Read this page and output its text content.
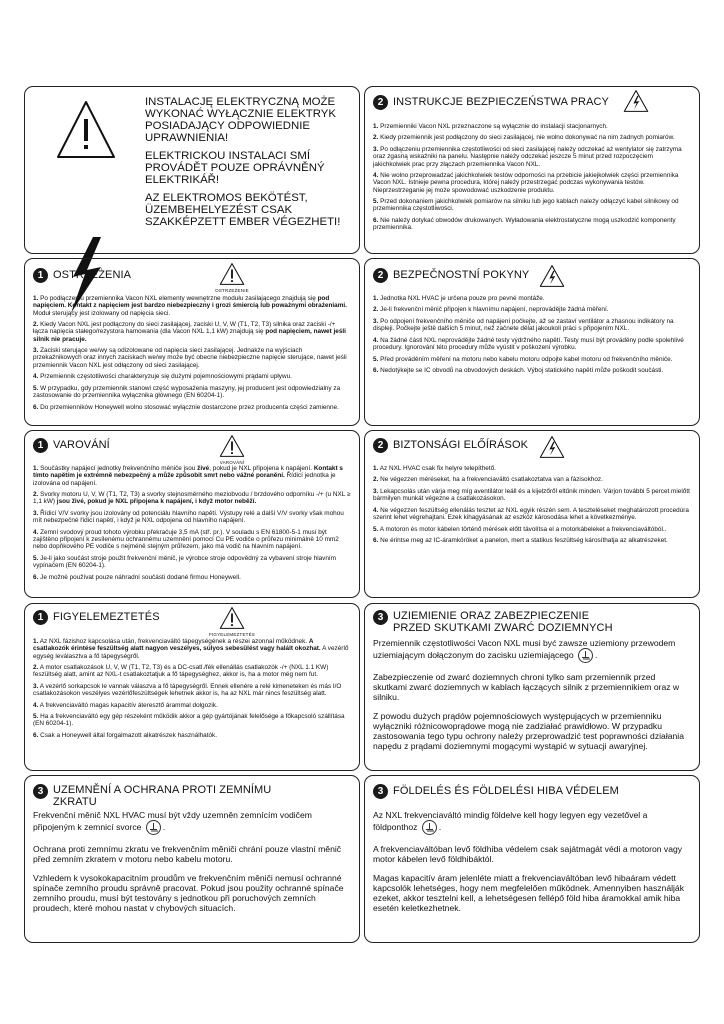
INSTALACJĘ ELEKTRYCZNĄ MOŻE WYKONAĆ WYŁĄCZNIE ELEKTRYK POSIADAJĄCY ODPOWIEDNIE UPRAWNIENIA!

ELEKTRICKOU INSTALACI SMÍ PROVÁDĚT POUZE OPRÁVNĚNÝ ELEKTRIKÁŘ!

AZ ELEKTROMOS BEKÖTÉST, ÜZEMBEHELYEZÉST CSAK SZAKKÉPZETT EMBER VÉGEZHETI!

2 INSTRUKCJE BEZPIECZEŃSTWA PRACY

1. Przemienniki Vacon NXL przeznaczone są wyłącznie do instalacji stacjonarnych.

2. Kiedy przemiennik jest podłączony do sieci zasilającej, nie wolno dokonywać na nim żadnych pomiarów.

3. Po odłączeniu przemiennika częstotliwości od sieci zasilającej należy odczekać aż wentylator się zatrzyma oraz zgasną wskaźniki na panelu. Następnie należy odczekać jeszcze 5 minut przed rozpoczęciem jakichkolwiek prac przy złączach przemiennika Vacon NXL.

4. Nie wolno przeprowadzać jakichkolwiek testów odporności na przebicie jakiejkolwiek części przemiennika Vacon NXL. Istnieje pewna procedura, której należy przestrzegać podczas wykonywania testów. Nieprzestrzeganie jej może spowodować uszkodzenie produktu.

5. Przed dokonaniem jakichkolwiek pomiarów na silniku lub jego kablach należy odłączyć kabel silnikowy od przemiennika częstotliwości.

6. Nie należy dotykać obwodów drukowanych. Wyładowania elektrostatyczne mogą uszkodzić komponenty przemiennika.

1 OSTRZEŻENIA
OSTRZEŻENIE

1. Po podłączeniu przemiennika Vacon NXL elementy wewnętrzne modułu zasilającego znajdują się pod napięciem. Kontakt z napięciem jest bardzo niebezpieczny i grozi śmiercią lub poważnymi obrażeniami. Moduł sterujący jest izolowany od napięcia sieci.

2. Kiedy Vacon NXL jest podłączony do sieci zasilającej, zaciski U, V, W (T1, T2, T3) silnika oraz zaciski -/+ łącza napięcia stałego/rezystora hamowania (dla Vacon NXL 1,1 kW) znajdują się pod napięciem, nawet jeśli silnik nie pracuje.

3. Zaciski sterujące we/wy są odizolowane od napięcia sieci zasilającej. Jednakże na wyjściach przekaźnikowych oraz innych zaciskach we/wy może być obecne niebezpieczne napięcie sterujące, nawet jeśli przemiennik Vacon NXL jest odłączony od sieci zasilającej.

4. Przemiennik częstotliwości charakteryzuje się dużymi pojemnościowymi prądami upływu.

5. W przypadku, gdy przemiennik stanowi część wyposażenia maszyny, jej producent jest odpowiedzialny za zastosowanie do przemiennika wyłącznika głównego (EN 60204-1).

6. Do przemienników Honeywell wolno stosować wyłącznie dostarczone przez producenta części zamienne.

2 BEZPEČNOSTNÍ POKYNY

1. Jednotka NXL HVAC je určena pouze pro pevné montáže.

2. Je-li frekvenční měnič připojen k hlavnímu napájení, neprovádějte žádná měření.

3. Po odpojení frekvenčního měniče od napájení počkejte, až se zastaví ventilátor a zhasnou indikátory na displeji. Počkejte ještě dalších 5 minut, než začnete dělat jakoukoli práci s připojením NXL.

4. Na žádné části NXL neprovádějte žádné testy výdržného napětí. Testy musí být prováděny podle spolehlivé procedury. Ignorování této procedury může vyústit v poškození výrobku.

5. Před prováděním měření na motoru nebo kabelu motoru odpojte kabel motoru od frekvenčního měniče.

6. Nedotýkejte se IC obvodů na obvodových deskách. Výboj statického napětí může poškodit součásti.

1 VAROVÁNÍ
VAROVÁNÍ

1. Součástky napájecí jednotky frekvenčního měniče jsou živé, pokud je NXL připojena k napájení. Kontakt s tímto napětím je extrémně nebezpečný a může způsobit smrt nebo vážné poranění. Řídicí jednotka je izolována od napájení.

2. Svorky motoru U, V, W (T1, T2, T3) a svorky stejnosměrného meziobvodu / brzdového odporníku -/+ (u NXL ≥ 1,1 kW) jsou živé, pokud je NXL připojena k napájení, i když motor neběží.

3. Řídicí V/V svorky jsou izolovány od potenciálu hlavního napětí. Výstupy relé a další V/V svorky však mohou mít nebezpečné řídicí napětí, i když je NXL odpojena od hlavního napájení.

4. Zemní svodový proud tohoto výrobku překračuje 3,5 mA (stř. pr.). V souladu s EN 61800-5-1 musí být zajištěno připojení k zesílenému ochrannému uzemnění pomocí Cu PE vodiče o průřezu minimálně 10 mm2 nebo dopňkového PE vodiče s nejméně stejným průřezem, jako má vodič na hlavním napájení.

5. Je-li jako součást stroje použit frekvenční měnič, je výrobce stroje odpovědný za vybavení stroje hlavním vypínačem (EN 60204-1).

6. Je možné používat pouze náhradní součásti dodané firmou Honeywell.

2 BIZTONSÁGI ELŐÍRÁSOK

1. Az NXL HVAC csak fix helyre telepíthető.

2. Ne végezzen méréseket, ha a frekvenciaváltó csatlakoztatva van a fázisokhoz.

3. Lekapcsolás után várja meg míg aventilátor leáll és a kijelzőről eltűnik minden. Várjon további 5 percet mielőtt bármilyen munkát végezne a csatlakozásokon.

4. Ne végezzen feszültség ellenálás tesztet az NXL egyik részén sem. A teszteléseket meghatározott procedúra szerint lehet végrehajtani. Ezek kihagyásának az eszköz károsodása lehet a következménye.

5. A motoron és motor kábelen történő mérések előtt távolítsa el a motorkábeleket a frekvenciaváltóból..

6. Ne érintse meg az IC-áramköröket a panelon, mert a statikus feszültség károsíthatja az alkatrészeket.

1 FIGYELEMEZTETÉS
FIGYELEMEZTETÉS

1. Az NXL fázishoz kapcsolása után, frekvenciaváltó tápegységének a részei azonnal működnek. A csatlakozók érintése feszültség alatt nagyon veszélyes, súlyos sebesülést vagy halált okozhat. A vezérlő egység leválasztva a fő tápegységről.

2. A motor csatlakozások U, V, W (T1, T2, T3) és a DC-csatl./fék ellenállás csatlakozók -/+ (NXL 1.1 KW) feszültség alatt, amint az NXL-t csatlakoztatjuk a fő tápegységhez, akkor is, ha a motor még nem fut.

3. A vezérlő sorkapcsok le vannak válaszva a fő tápegységről. Ennek ellenére a relé kimeneteken és más I/O csatlakozásokon veszélyes vezérlőfeszültségek lehetnek akkor is, ha az NXL már nincs feszültség alatt.

4. A frekvenciaváltó magas kapacitív áteresztő árammal dolgozik.

5. Ha a frekvenciaváltó egy gép részeként működik akkor a gép gyártójának felelősége a főkapcsoló szállítása (EN 60204-1).

6. Csak a Honeywell által forgalmazott alkatrészek használhatók.

3 UZIEMIENIE ORAZ ZABEZPIECZENIE
PRZED SKUTKAMI ZWARĆ DOZIEMNYCH

Przemiennik częstotliwości Vacon NXL musi być zawsze uziemiony przewodem uziemiającym dołączonym do zacisku uziemiającego .

Zabezpieczenie od zwarć doziemnych chroni tylko sam przemiennik przed skutkami zwarć doziemnych w kablach łączących silnik z przemiennikiem oraz w silniku.

Z powodu dużych prądów pojemnościowych występujących w przemienniku wyłączniki różnicowoprądowe mogą nie zadziałać prawidłowo. W przypadku zastosowania tego typu ochrony należy przeprowadzić test poprawności działania napędu z prądami doziemnymi mogącymi wystąpić w sytuacji awaryjnej.

3 UZEMNĚNÍ A OCHRANA PROTI ZEMNÍMU
ZKRATU

Frekvenční měnič NXL HVAC musí být vždy uzemněn zemnícím vodičem připojeným k zemnicí svorce .

Ochrana proti zemnímu zkratu ve frekvenčním měniči chrání pouze vlastní měnič před zemním zkratem v motoru nebo kabelu motoru.

Vzhledem k vysokokapacitním proudům ve frekvenčním měniči nemusí ochranné spínače zemního proudu správně pracovat. Pokud jsou použity ochranné spínače zemního proudu, musí být testovány s jednotkou při poruchových zemních proudech, které mohou nastat v chybových situacích.

3 FÖLDELÉS ÉS FÖLDELÉSI HIBA VÉDELEM

Az NXL frekvenciaváltó mindig földelve kell hogy legyen egy vezetővel a földponthoz .

A frekvenciaváltóban levő földhiba védelem csak sajátmagát védi a motoron vagy motor kábelen levő földhibáktól.

Magas kapacitív áram jelenléte miatt a frekvenciaváltóban levő hibaáram védett kapcsolók lehetséges, hogy nem megfelelően működnek. Amennyiben használják ezeket, akkor tesztelni kell, a lehetségesen fellépő föld hiba áramokkal amik hiba esetén keletkezhetnek.
